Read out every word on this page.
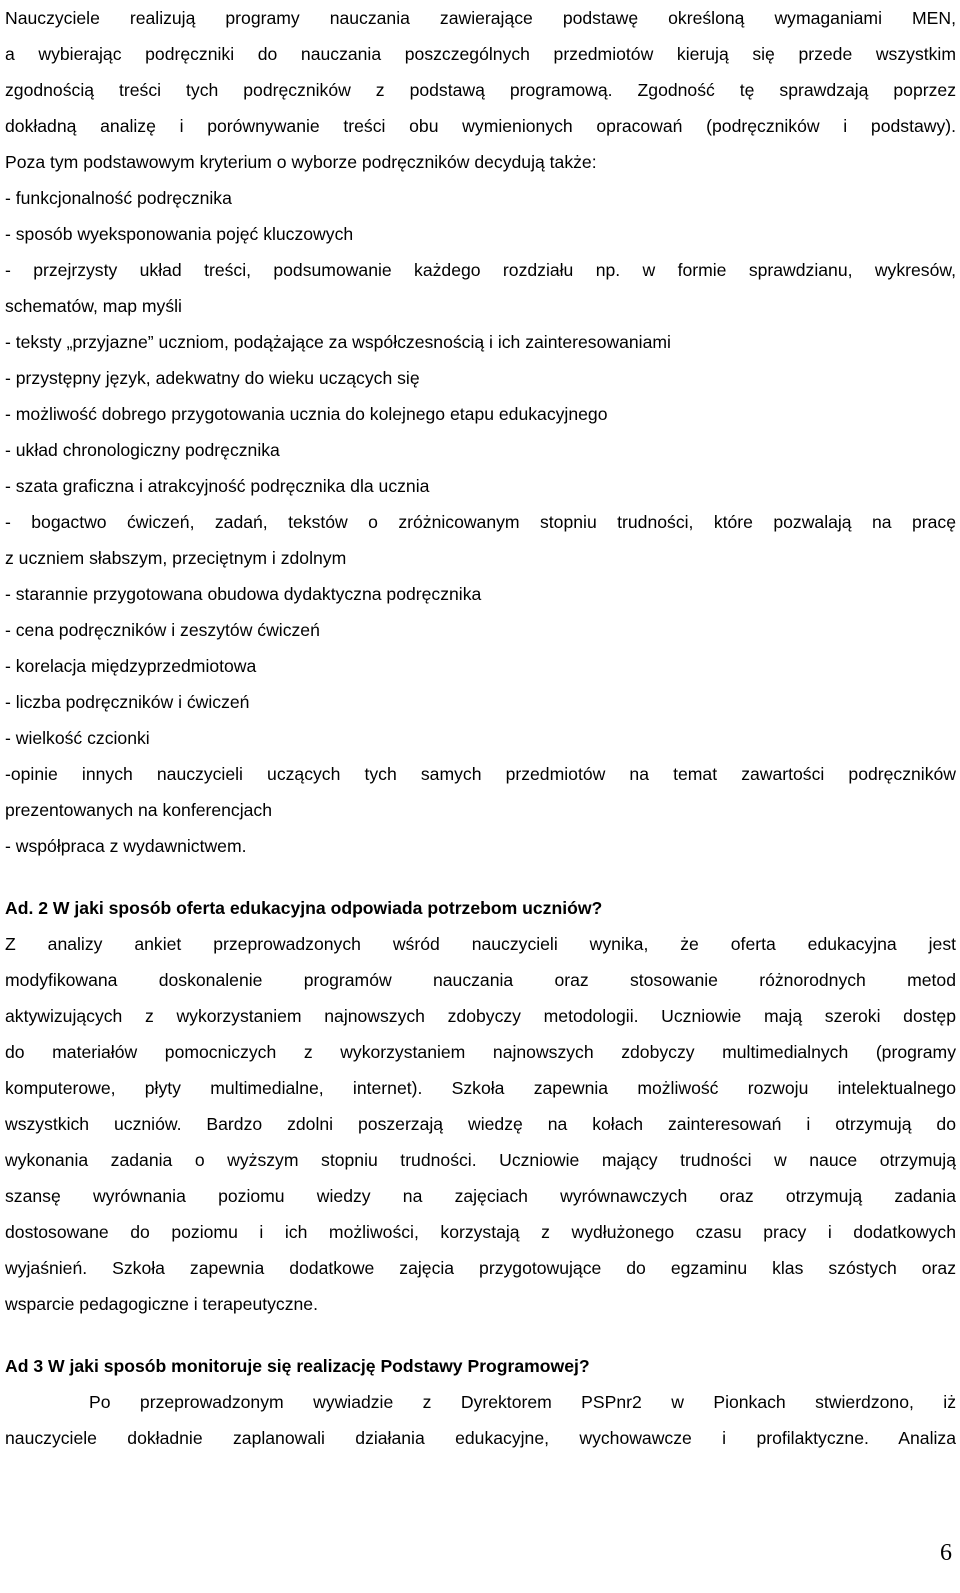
Nauczyciele realizują programy nauczania zawierające podstawę określoną wymaganiami MEN,
a wybierając podręczniki do nauczania poszczególnych przedmiotów kierują się przede wszystkim
zgodnością treści tych podręczników z podstawą programową. Zgodność tę sprawdzają poprzez
dokładną analizę i porównywanie treści obu wymienionych opracowań (podręczników i podstawy).
Poza tym podstawowym kryterium o wyborze podręczników decydują także:
- funkcjonalność podręcznika
- sposób wyeksponowania pojęć kluczowych
- przejrzysty układ treści, podsumowanie każdego rozdziału np. w formie sprawdzianu, wykresów,
schematów, map myśli
- teksty „przyjazne” uczniom, podążające za współczesnością i ich zainteresowaniami
- przystępny język, adekwatny do wieku uczących się
- możliwość dobrego przygotowania ucznia do kolejnego etapu edukacyjnego
- układ chronologiczny podręcznika
- szata graficzna i atrakcyjność podręcznika dla ucznia
- bogactwo ćwiczeń, zadań, tekstów o zróżnicowanym stopniu trudności, które pozwalają na pracę
z uczniem słabszym, przeciętnym i zdolnym
- starannie przygotowana obudowa dydaktyczna podręcznika
- cena podręczników i zeszytów ćwiczeń
- korelacja międzyprzedmiotowa
- liczba podręczników i ćwiczeń
- wielkość czcionki
-opinie innych nauczycieli uczących tych samych przedmiotów na temat zawartości podręczników
prezentowanych na konferencjach
- współpraca z wydawnictwem.
Ad. 2 W jaki sposób oferta edukacyjna odpowiada potrzebom uczniów?
Z analizy ankiet przeprowadzonych wśród nauczycieli wynika, że oferta edukacyjna jest
modyfikowana doskonalenie programów nauczania oraz stosowanie różnorodnych metod
aktywizujących z wykorzystaniem najnowszych zdobyczy metodologii. Uczniowie mają szeroki dostęp
do materiałów pomocniczych z wykorzystaniem najnowszych zdobyczy multimedialnych (programy
komputerowe, płyty multimedialne, internet). Szkoła zapewnia możliwość rozwoju intelektualnego
wszystkich uczniów. Bardzo zdolni poszerzają wiedzę na kołach zainteresowań i otrzymują do
wykonania zadania o wyższym stopniu trudności. Uczniowie mający trudności w nauce otrzymują
szansę wyrównania poziomu wiedzy na zajęciach wyrównawczych oraz otrzymują zadania
dostosowane do poziomu i ich możliwości, korzystają z wydłużonego czasu pracy i dodatkowych
wyjaśnień. Szkoła zapewnia dodatkowe zajęcia przygotowujące do egzaminu klas szóstych oraz
wsparcie pedagogiczne i terapeutyczne.
Ad 3 W jaki sposób monitoruje się realizację Podstawy Programowej?
Po przeprowadzonym wywiadzie z Dyrektorem PSPnr2 w Pionkach stwierdzono, iż
nauczyciele dokładnie zaplanowali działania edukacyjne, wychowawcze i profilaktyczne. Analiza
6
